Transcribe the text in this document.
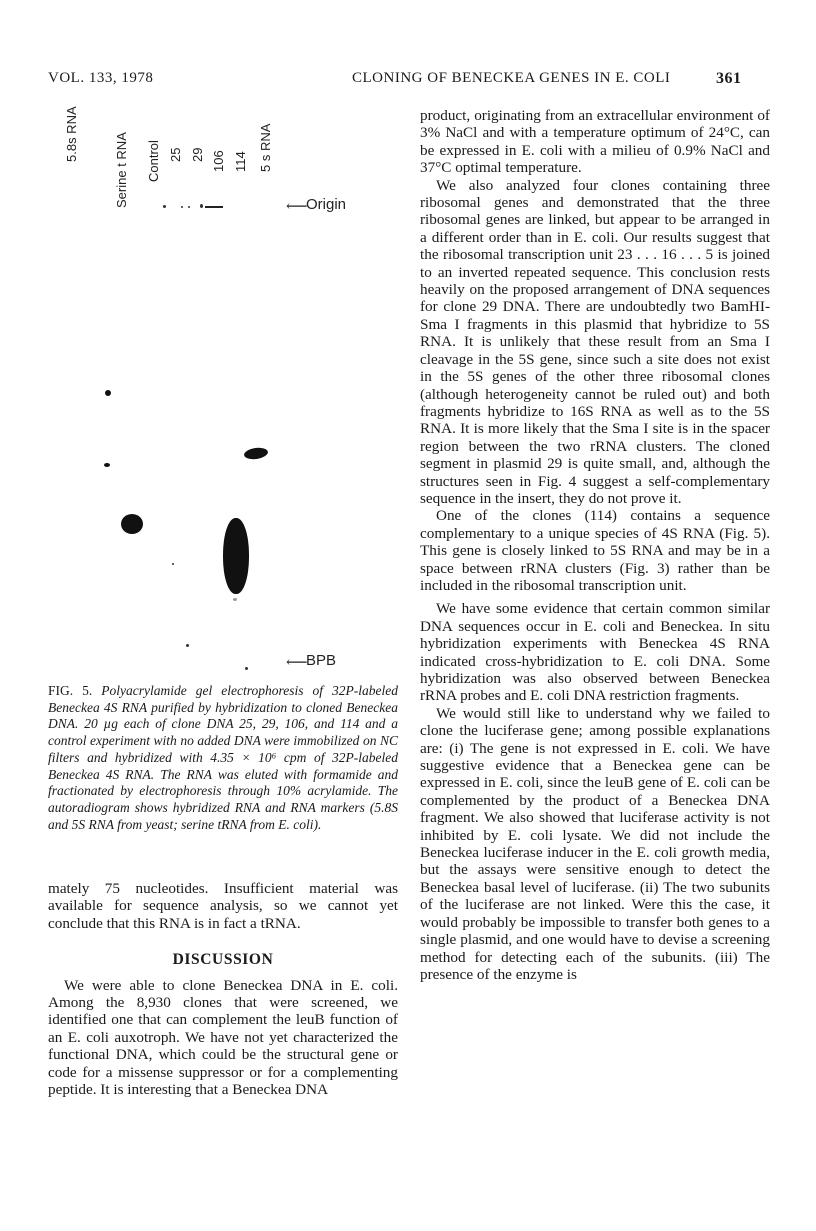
VOL. 133, 1978	CLONING OF BENECKEA GENES IN E. COLI	361
5.8s RNA	Serine t RNA Control 25 29 106 114 5 s RNA
⟵
Origin
⟵
BPB
FIG. 5. Polyacrylamide gel electrophoresis of 32P-labeled Beneckea 4S RNA purified by hybridization to cloned Beneckea DNA. 20 µg each of clone DNA 25, 29, 106, and 114 and a control experiment with no added DNA were immobilized on NC filters and hybridized with 4.35 × 10⁶ cpm of 32P-labeled Beneckea 4S RNA. The RNA was eluted with formamide and fractionated by electrophoresis through 10% acrylamide. The autoradiogram shows hybridized RNA and RNA markers (5.8S and 5S RNA from yeast; serine tRNA from E. coli).

mately 75 nucleotides. Insufficient material was available for sequence analysis, so we cannot yet conclude that this RNA is in fact a tRNA.

DISCUSSION

We were able to clone Beneckea DNA in E. coli. Among the 8,930 clones that were screened, we identified one that can complement the leuB function of an E. coli auxotroph. We have not yet characterized the functional DNA, which could be the structural gene or code for a missense suppressor or for a complementing peptide. It is interesting that a Beneckea DNA

product, originating from an extracellular environment of 3% NaCl and with a temperature optimum of 24°C, can be expressed in E. coli with a milieu of 0.9% NaCl and 37°C optimal temperature.

We also analyzed four clones containing three ribosomal genes and demonstrated that the three ribosomal genes are linked, but appear to be arranged in a different order than in E. coli. Our results suggest that the ribosomal transcription unit 23 . . . 16 . . . 5 is joined to an inverted repeated sequence. This conclusion rests heavily on the proposed arrangement of DNA sequences for clone 29 DNA. There are undoubtedly two BamHI-Sma I fragments in this plasmid that hybridize to 5S RNA. It is unlikely that these result from an Sma I cleavage in the 5S gene, since such a site does not exist in the 5S genes of the other three ribosomal clones (although heterogeneity cannot be ruled out) and both fragments hybridize to 16S RNA as well as to the 5S RNA. It is more likely that the Sma I site is in the spacer region between the two rRNA clusters. The cloned segment in plasmid 29 is quite small, and, although the structures seen in Fig. 4 suggest a self-complementary sequence in the insert, they do not prove it.

One of the clones (114) contains a sequence complementary to a unique species of 4S RNA (Fig. 5). This gene is closely linked to 5S RNA and may be in a space between rRNA clusters (Fig. 3) rather than be included in the ribosomal transcription unit.

We have some evidence that certain common similar DNA sequences occur in E. coli and Beneckea. In situ hybridization experiments with Beneckea 4S RNA indicated cross-hybridization to E. coli DNA. Some hybridization was also observed between Beneckea rRNA probes and E. coli DNA restriction fragments.

We would still like to understand why we failed to clone the luciferase gene; among possible explanations are: (i) The gene is not expressed in E. coli. We have suggestive evidence that a Beneckea gene can be expressed in E. coli, since the leuB gene of E. coli can be complemented by the product of a Beneckea DNA fragment. We also showed that luciferase activity is not inhibited by E. coli lysate. We did not include the Beneckea luciferase inducer in the E. coli growth media, but the assays were sensitive enough to detect the Beneckea basal level of luciferase. (ii) The two subunits of the luciferase are not linked. Were this the case, it would probably be impossible to transfer both genes to a single plasmid, and one would have to devise a screening method for detecting each of the subunits. (iii) The presence of the enzyme is
